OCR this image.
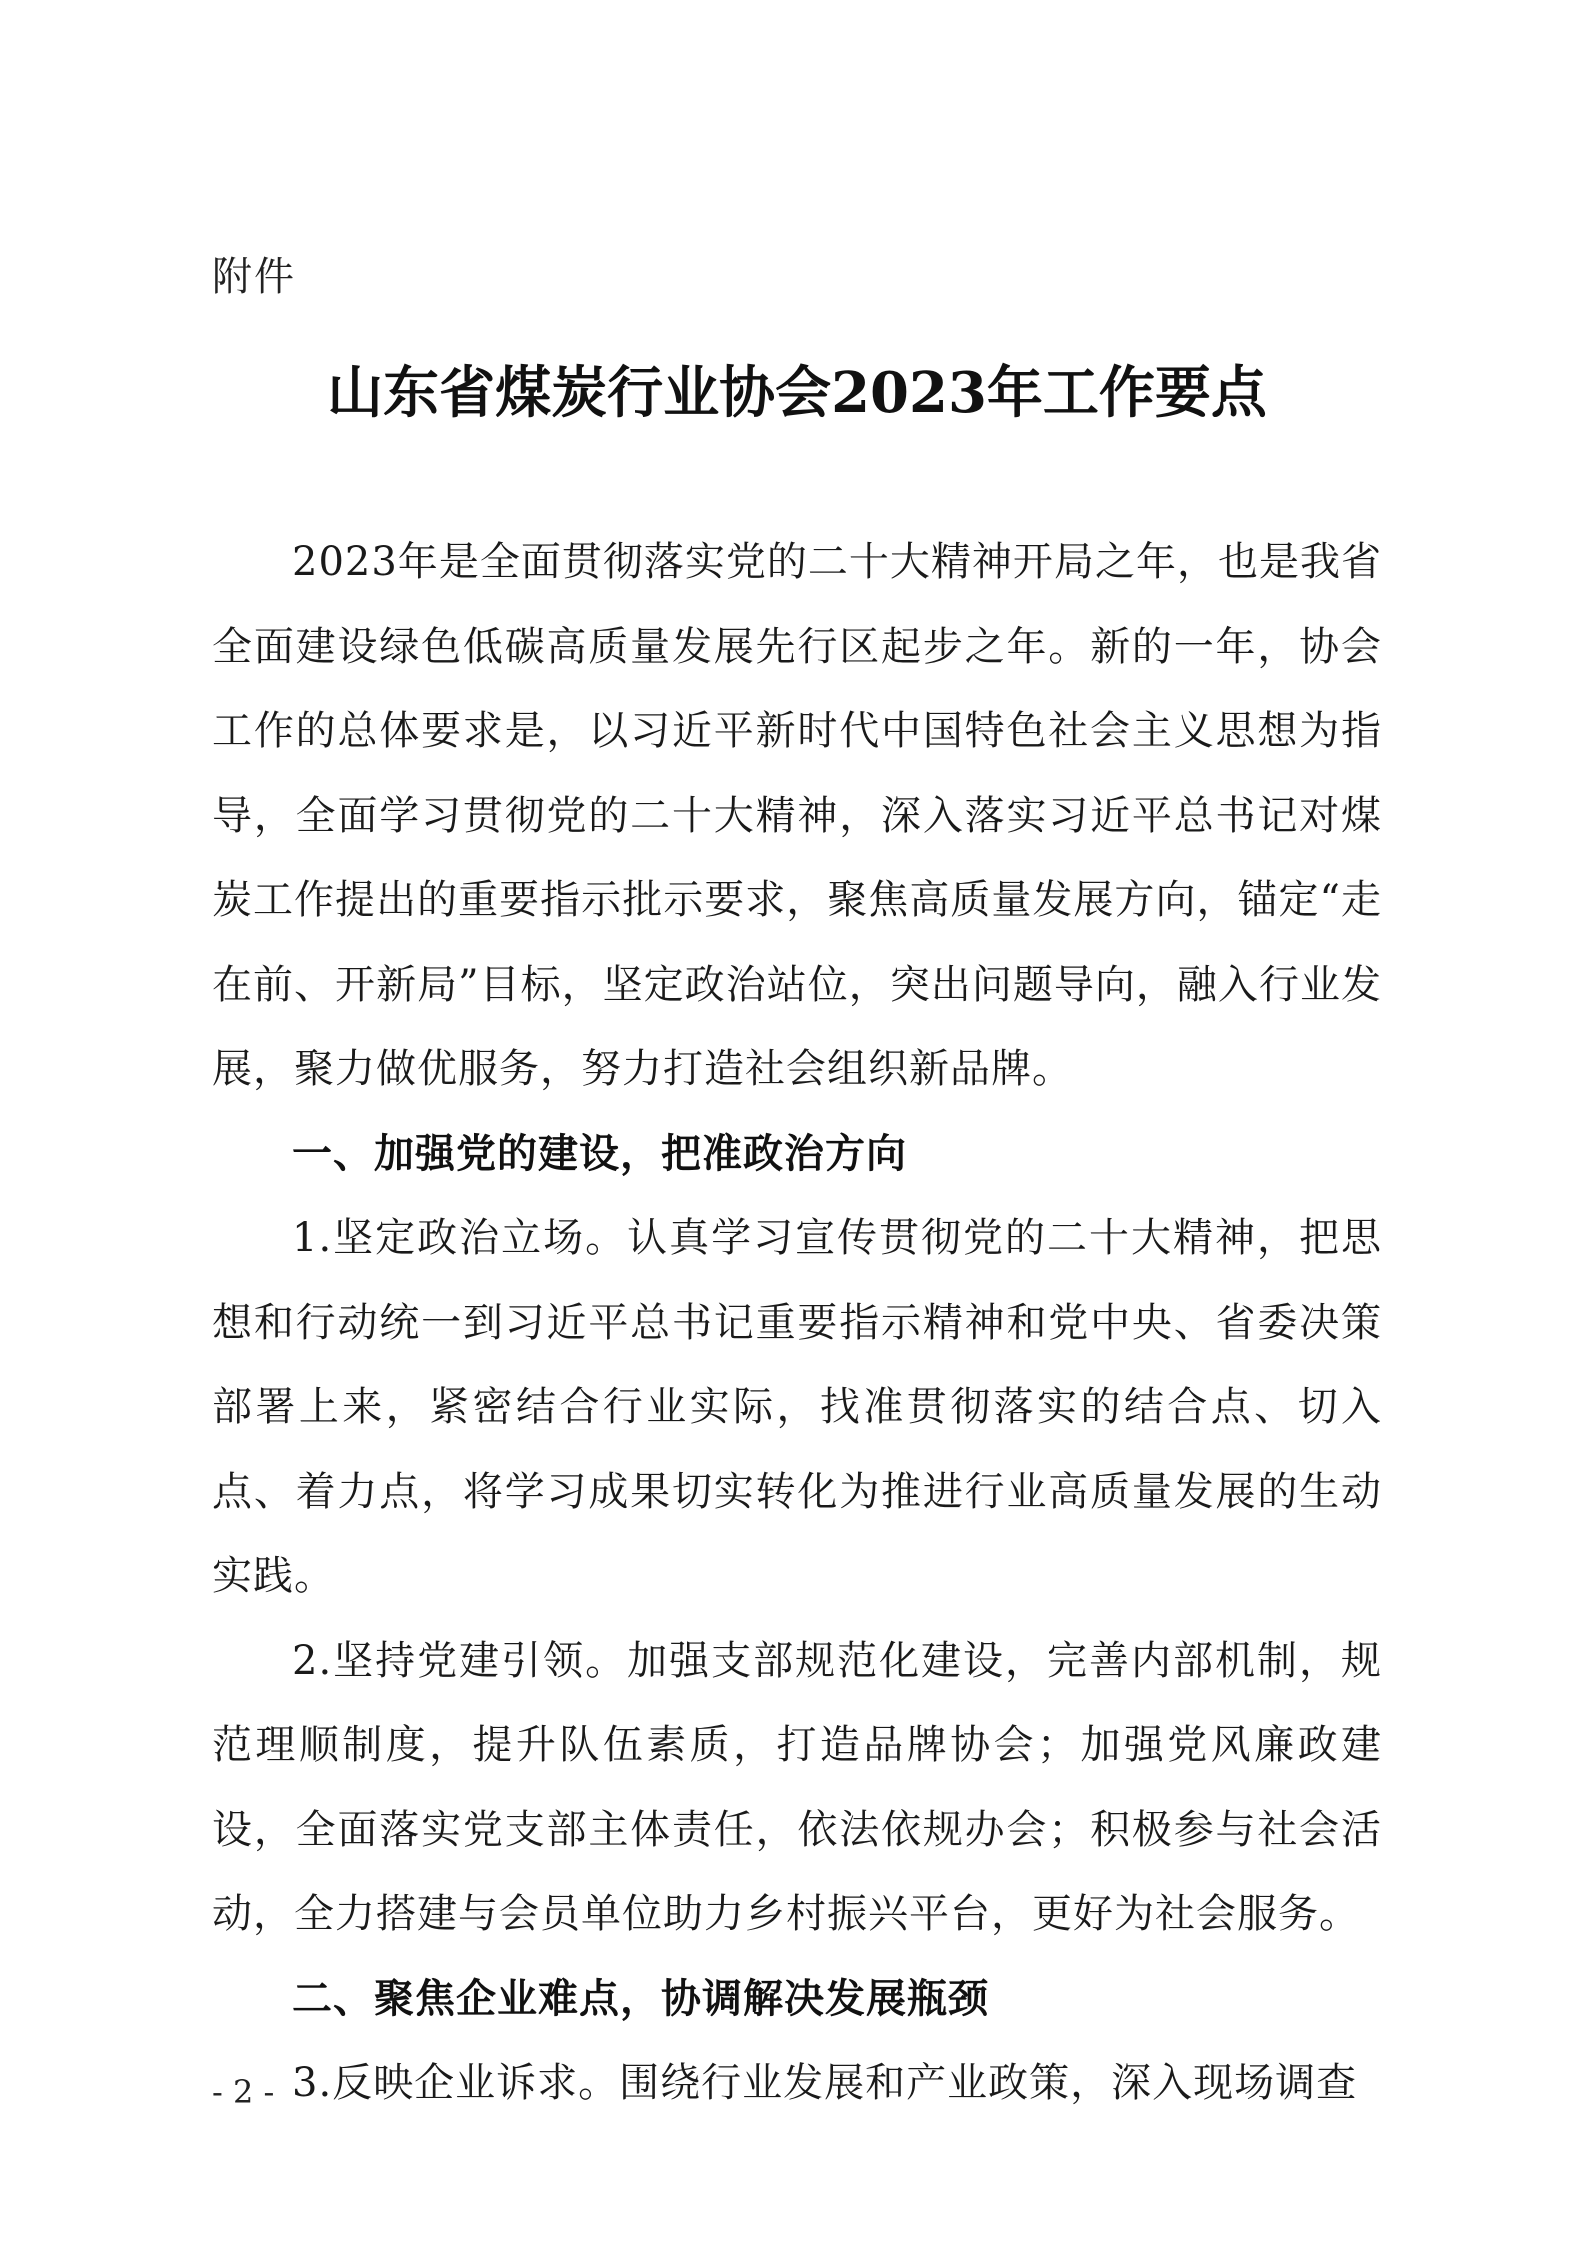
附件
山东省煤炭行业协会2023年工作要点

2023年是全面贯彻落实党的二十大精神开局之年，也是我省全面建设绿色低碳高质量发展先行区起步之年。新的一年，协会工作的总体要求是，以习近平新时代中国特色社会主义思想为指导，全面学习贯彻党的二十大精神，深入落实习近平总书记对煤炭工作提出的重要指示批示要求，聚焦高质量发展方向，锚定“走在前、开新局”目标，坚定政治站位，突出问题导向，融入行业发展，聚力做优服务，努力打造社会组织新品牌。

一、加强党的建设，把准政治方向

1.坚定政治立场。认真学习宣传贯彻党的二十大精神，把思想和行动统一到习近平总书记重要指示精神和党中央、省委决策部署上来，紧密结合行业实际，找准贯彻落实的结合点、切入点、着力点，将学习成果切实转化为推进行业高质量发展的生动实践。

2.坚持党建引领。加强支部规范化建设，完善内部机制，规范理顺制度，提升队伍素质，打造品牌协会；加强党风廉政建设，全面落实党支部主体责任，依法依规办会；积极参与社会活动，全力搭建与会员单位助力乡村振兴平台，更好为社会服务。

二、聚焦企业难点，协调解决发展瓶颈

3.反映企业诉求。围绕行业发展和产业政策，深入现场调查

- 2 -
